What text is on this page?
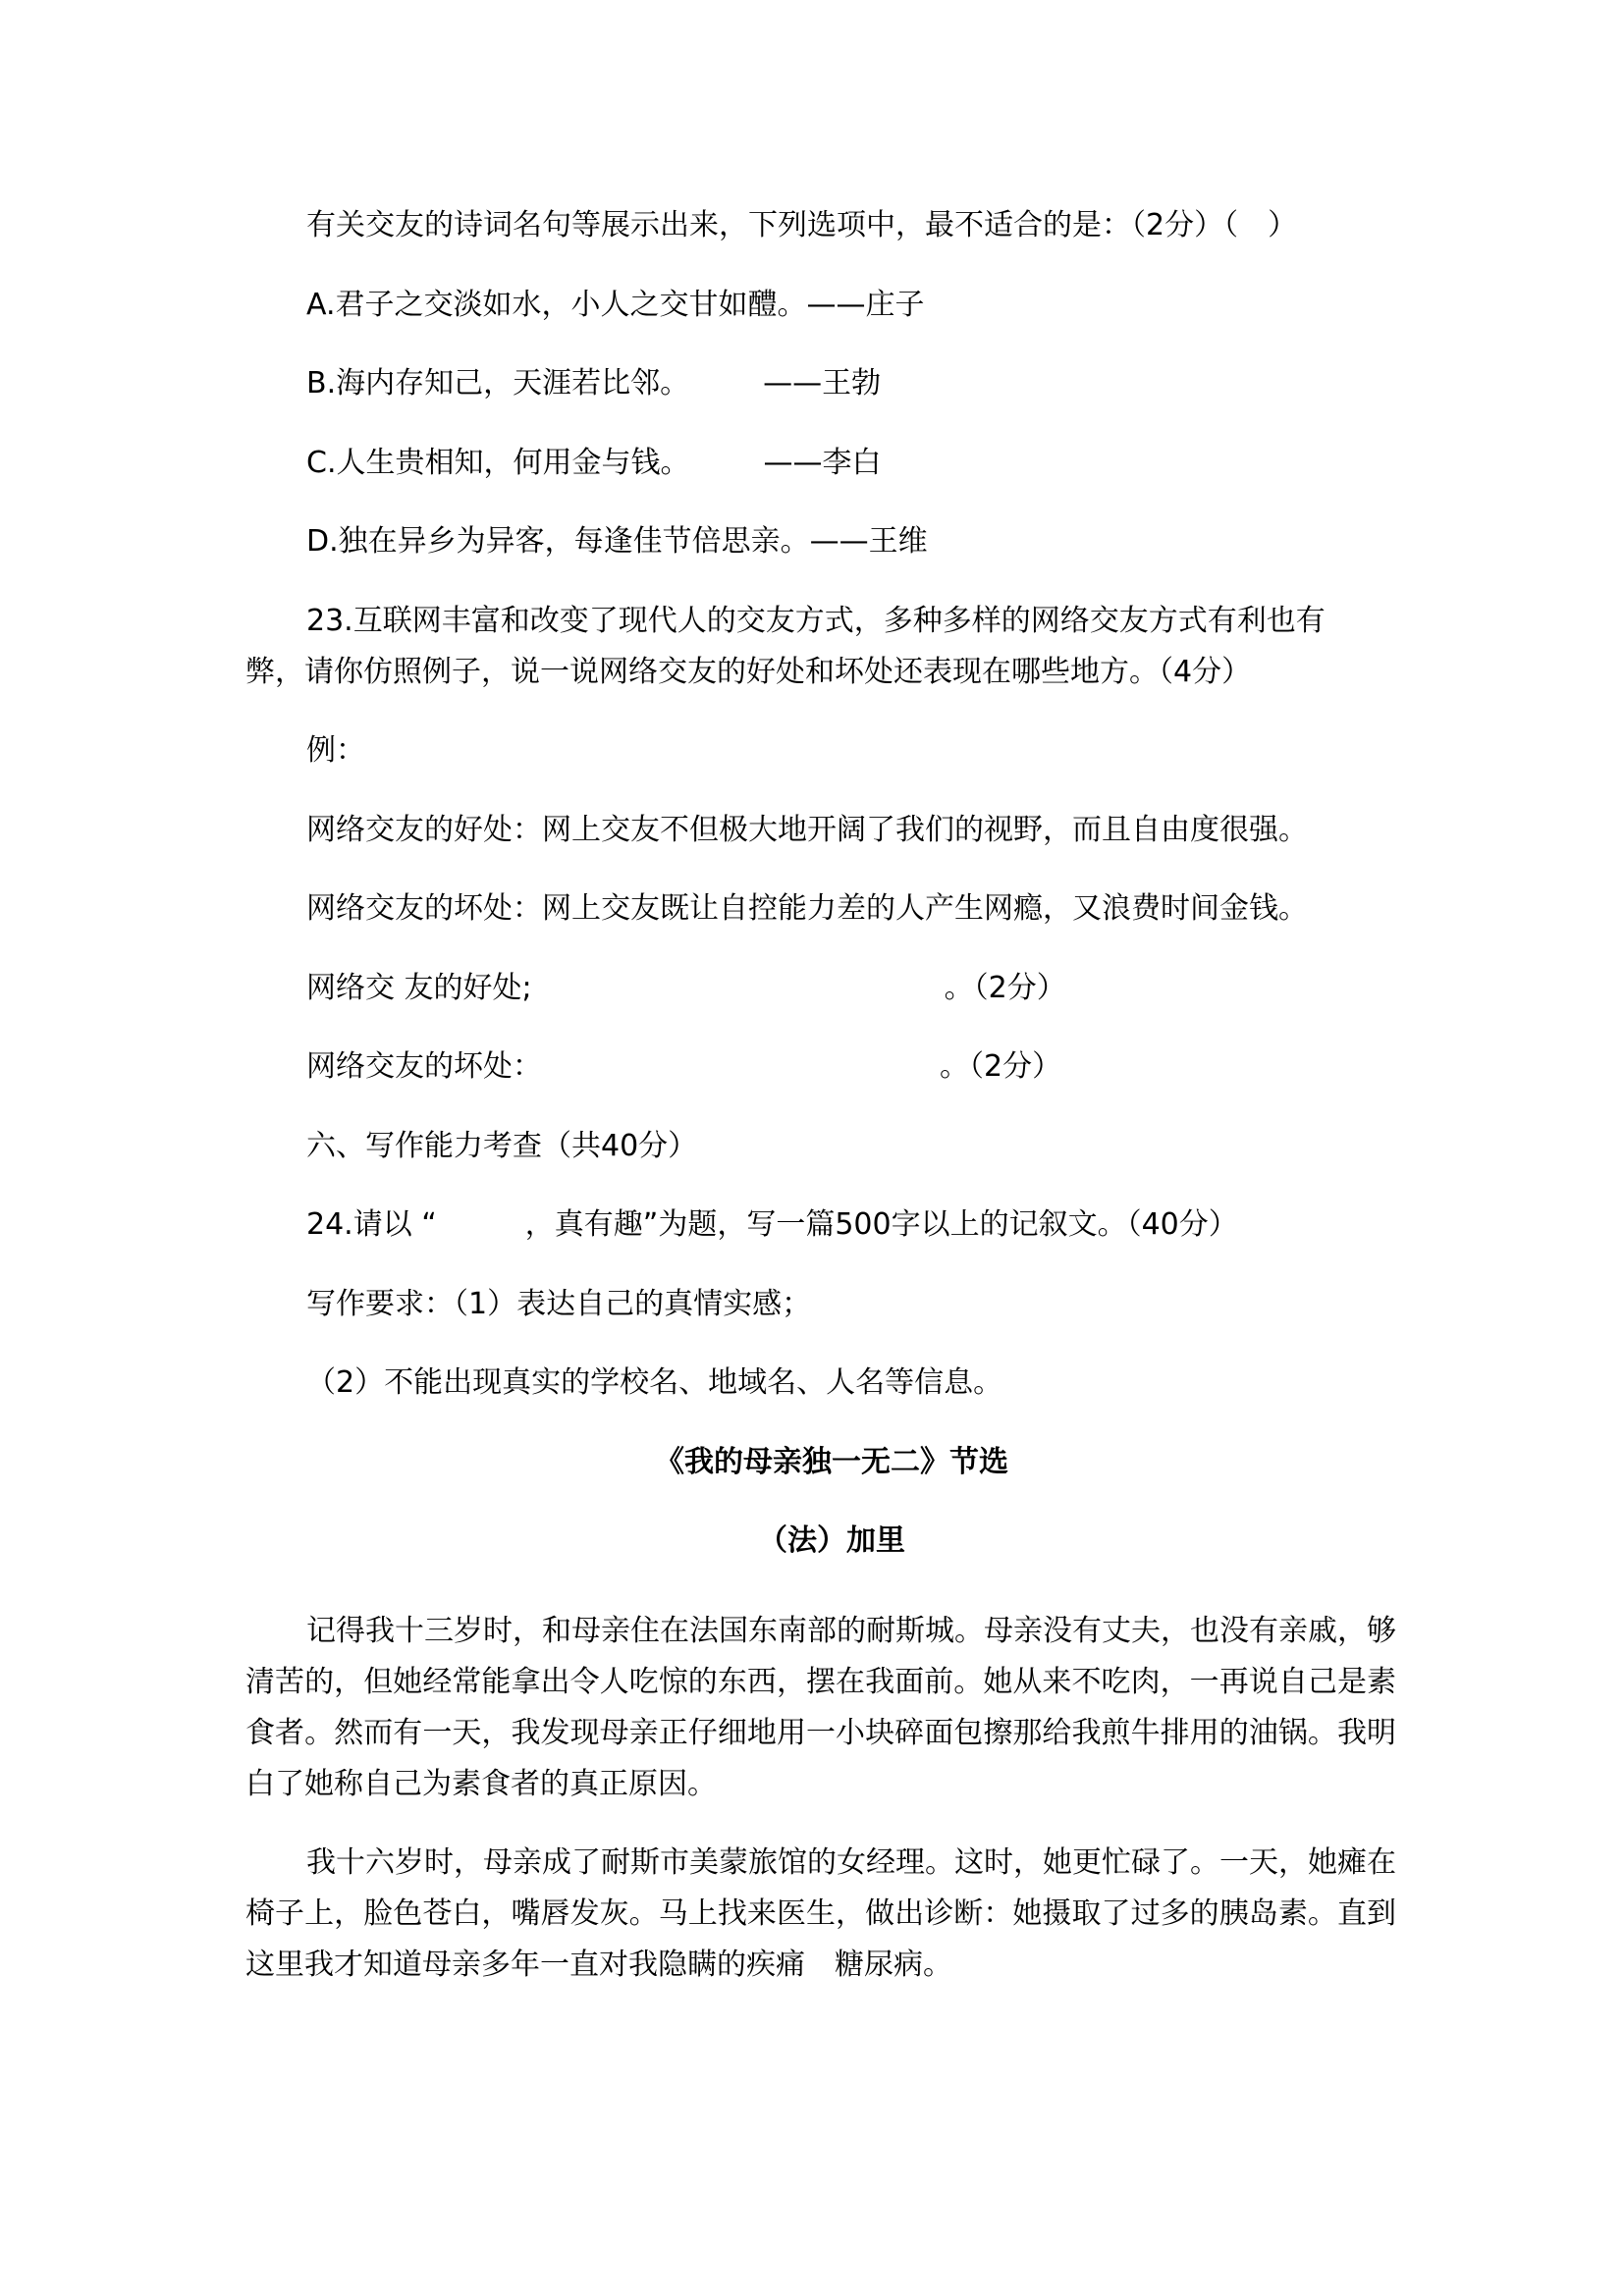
有关交友的诗词名句等展示出来，下列选项中，最不适合的是：（2分）（　）
A.君子之交淡如水，小人之交甘如醴。——庄子
B.海内存知己，天涯若比邻。　　　——王勃
C.人生贵相知，何用金与钱。　　　——李白
D.独在异乡为异客，每逢佳节倍思亲。——王维
23.互联网丰富和改变了现代人的交友方式，多种多样的网络交友方式有利也有
弊，请你仿照例子，说一说网络交友的好处和坏处还表现在哪些地方。（4分）
例：
网络交友的好处：网上交友不但极大地开阔了我们的视野，而且自由度很强。
网络交友的坏处：网上交友既让自控能力差的人产生网瘾，又浪费时间金钱。
网络交 友的好处;　　　　　　　　　　　　　　。（2分）
网络交友的坏处：　　　　　　　　　　　　　　。（2分）
六、写作能力考查（共40分）
24.请以 “　　　，真有趣”为题，写一篇500字以上的记叙文。（40分）
写作要求：（1）表达自己的真情实感；
（2）不能出现真实的学校名、地域名、人名等信息。
《我的母亲独一无二》节选
（法）加里
记得我十三岁时，和母亲住在法国东南部的耐斯城。母亲没有丈夫，也没有亲戚，够清苦的，但她经常能拿出令人吃惊的东西，摆在我面前。她从来不吃肉，一再说自己是素食者。然而有一天，我发现母亲正仔细地用一小块碎面包擦那给我煎牛排用的油锅。我明白了她称自己为素食者的真正原因。
我十六岁时，母亲成了耐斯市美蒙旅馆的女经理。这时，她更忙碌了。一天，她瘫在椅子上，脸色苍白，嘴唇发灰。马上找来医生，做出诊断：她摄取了过多的胰岛素。直到这里我才知道母亲多年一直对我隐瞒的疾痛　糖尿病。
